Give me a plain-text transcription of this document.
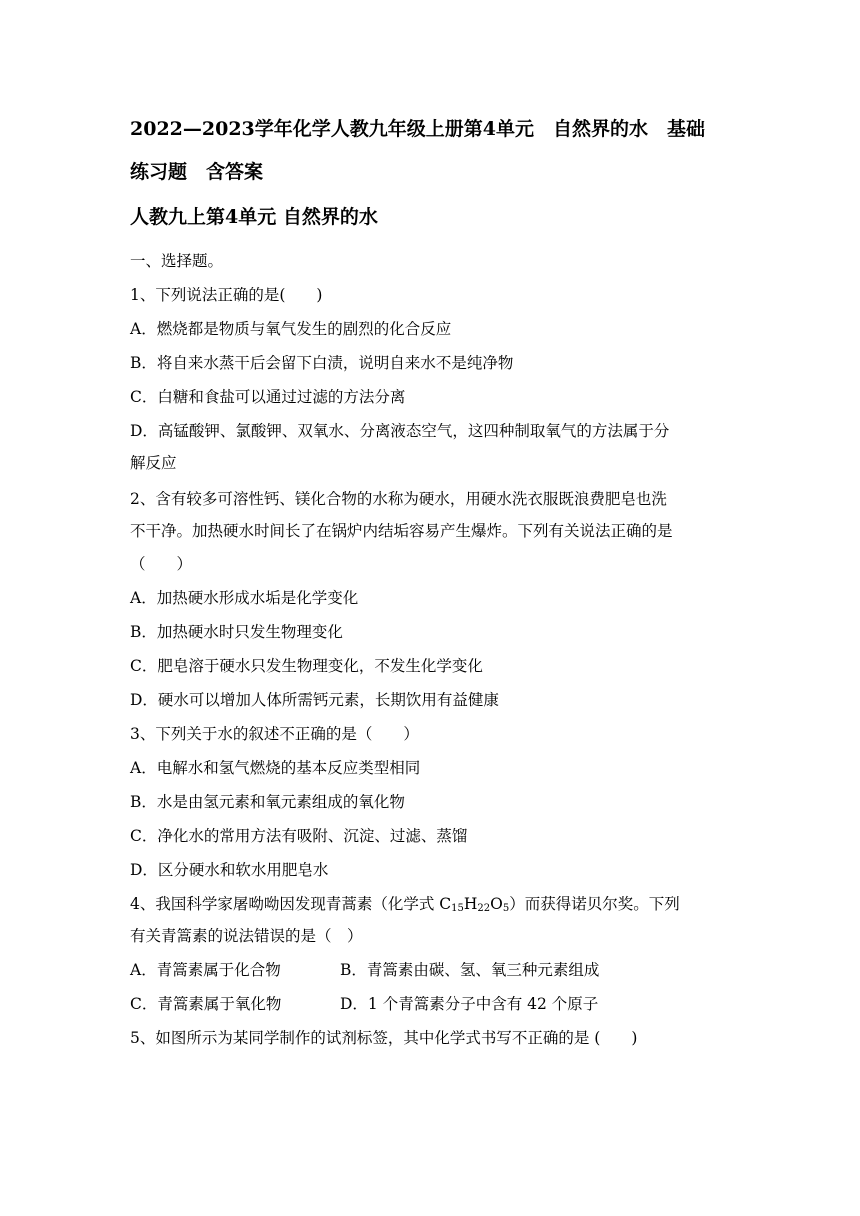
2022—2023学年化学人教九年级上册第4单元　自然界的水　基础
练习题　含答案
人教九上第4单元 自然界的水
一、选择题。
1、下列说法正确的是(　　)
A．燃烧都是物质与氧气发生的剧烈的化合反应
B．将自来水蒸干后会留下白渍，说明自来水不是纯净物
C．白糖和食盐可以通过过滤的方法分离
D．高锰酸钾、氯酸钾、双氧水、分离液态空气，这四种制取氧气的方法属于分
解反应
2、含有较多可溶性钙、镁化合物的水称为硬水，用硬水洗衣服既浪费肥皂也洗
不干净。加热硬水时间长了在锅炉内结垢容易产生爆炸。下列有关说法正确的是
（　　）
A．加热硬水形成水垢是化学变化
B．加热硬水时只发生物理变化
C．肥皂溶于硬水只发生物理变化，不发生化学变化
D．硬水可以增加人体所需钙元素，长期饮用有益健康
3、下列关于水的叙述不正确的是（　　）
A．电解水和氢气燃烧的基本反应类型相同
B．水是由氢元素和氧元素组成的氧化物
C．净化水的常用方法有吸附、沉淀、过滤、蒸馏
D．区分硬水和软水用肥皂水
4、我国科学家屠呦呦因发现青蒿素（化学式 $C_{15}H_{22}O_5$）而获得诺贝尔奖。下列
有关青篙素的说法错误的是（　）
A．青篙素属于化合物	B．青篙素由碳、氢、氧三种元素组成
C．青篙素属于氧化物	D．1 个青篙素分子中含有 42 个原子
5、如图所示为某同学制作的试剂标签，其中化学式书写不正确的是 (　　)
